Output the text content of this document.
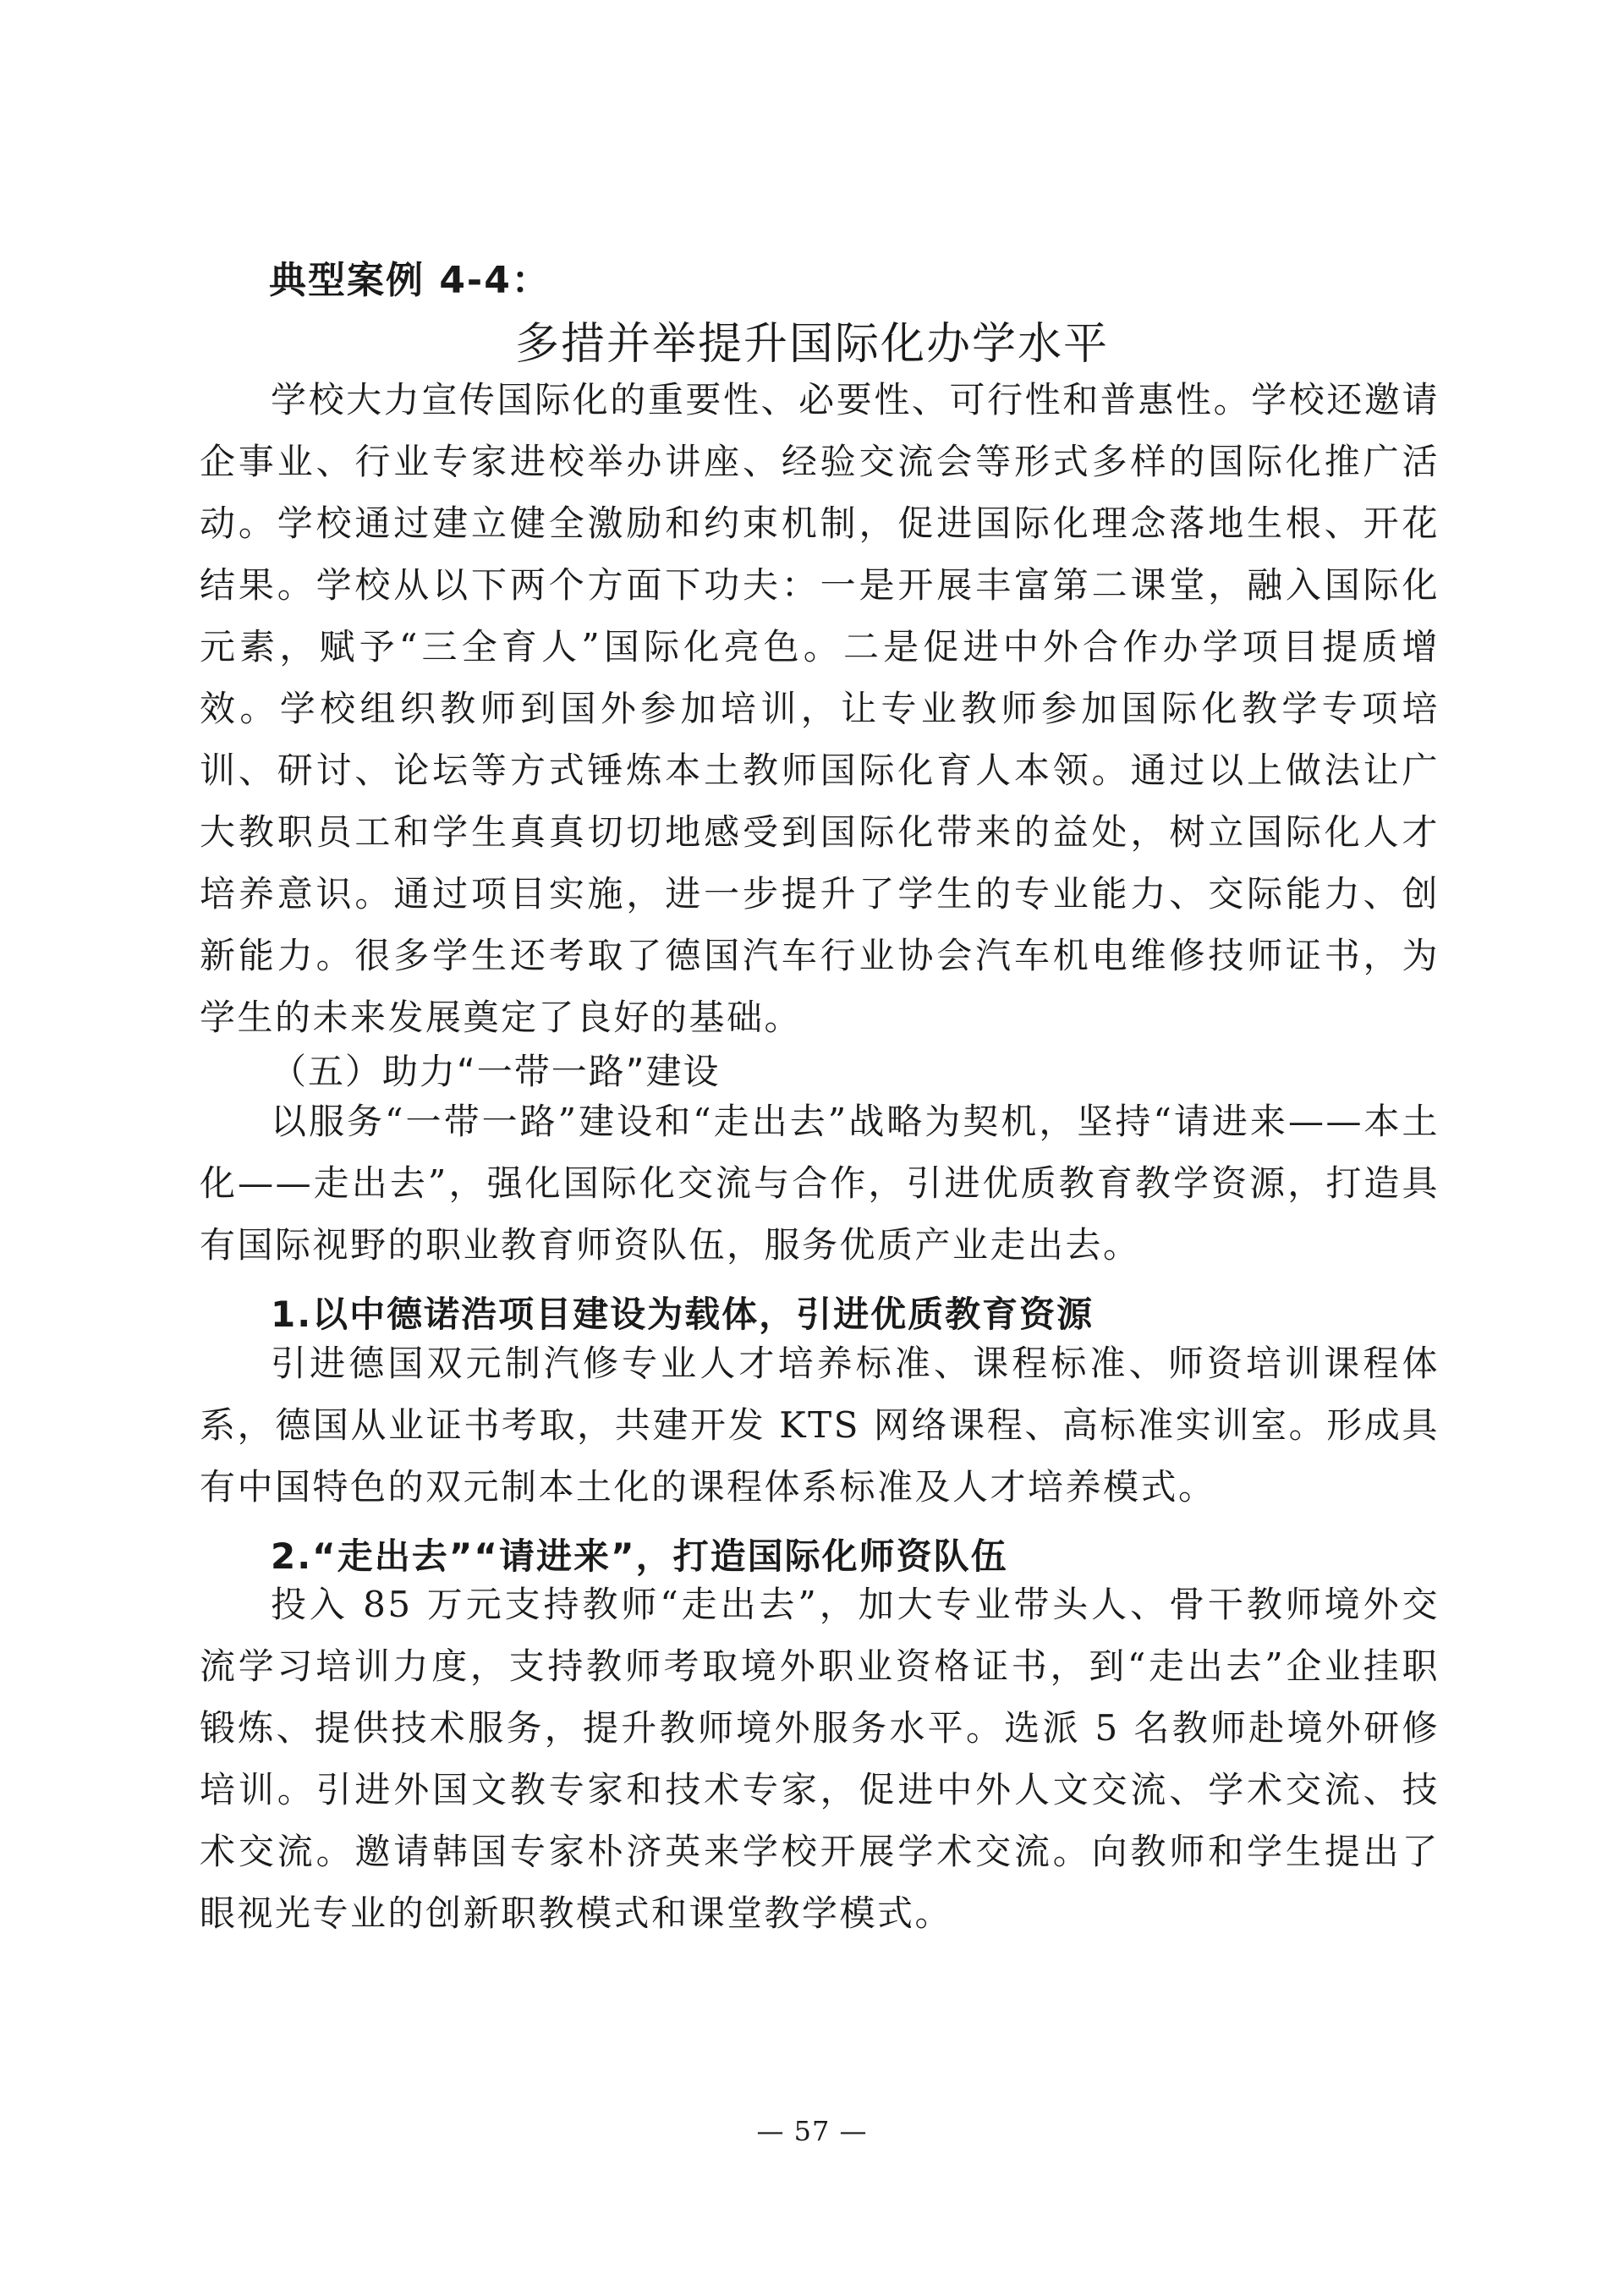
典型案例 4-4：
多措并举提升国际化办学水平

学校大力宣传国际化的重要性、必要性、可行性和普惠性。学校还邀请企事业、行业专家进校举办讲座、经验交流会等形式多样的国际化推广活动。学校通过建立健全激励和约束机制，促进国际化理念落地生根、开花结果。学校从以下两个方面下功夫：一是开展丰富第二课堂，融入国际化元素，赋予“三全育人”国际化亮色。二是促进中外合作办学项目提质增效。学校组织教师到国外参加培训，让专业教师参加国际化教学专项培训、研讨、论坛等方式锤炼本土教师国际化育人本领。通过以上做法让广大教职员工和学生真真切切地感受到国际化带来的益处，树立国际化人才培养意识。通过项目实施，进一步提升了学生的专业能力、交际能力、创新能力。很多学生还考取了德国汽车行业协会汽车机电维修技师证书，为学生的未来发展奠定了良好的基础。

（五）助力“一带一路”建设

以服务“一带一路”建设和“走出去”战略为契机，坚持“请进来——本土化——走出去”，强化国际化交流与合作，引进优质教育教学资源，打造具有国际视野的职业教育师资队伍，服务优质产业走出去。

1.以中德诺浩项目建设为载体，引进优质教育资源

引进德国双元制汽修专业人才培养标准、课程标准、师资培训课程体系，德国从业证书考取，共建开发 KTS 网络课程、高标准实训室。形成具有中国特色的双元制本土化的课程体系标准及人才培养模式。

2.“走出去”“请进来”，打造国际化师资队伍

投入 85 万元支持教师“走出去”，加大专业带头人、骨干教师境外交流学习培训力度，支持教师考取境外职业资格证书，到“走出去”企业挂职锻炼、提供技术服务，提升教师境外服务水平。选派 5 名教师赴境外研修培训。引进外国文教专家和技术专家，促进中外人文交流、学术交流、技术交流。邀请韩国专家朴济英来学校开展学术交流。向教师和学生提出了眼视光专业的创新职教模式和课堂教学模式。

— 57 —
